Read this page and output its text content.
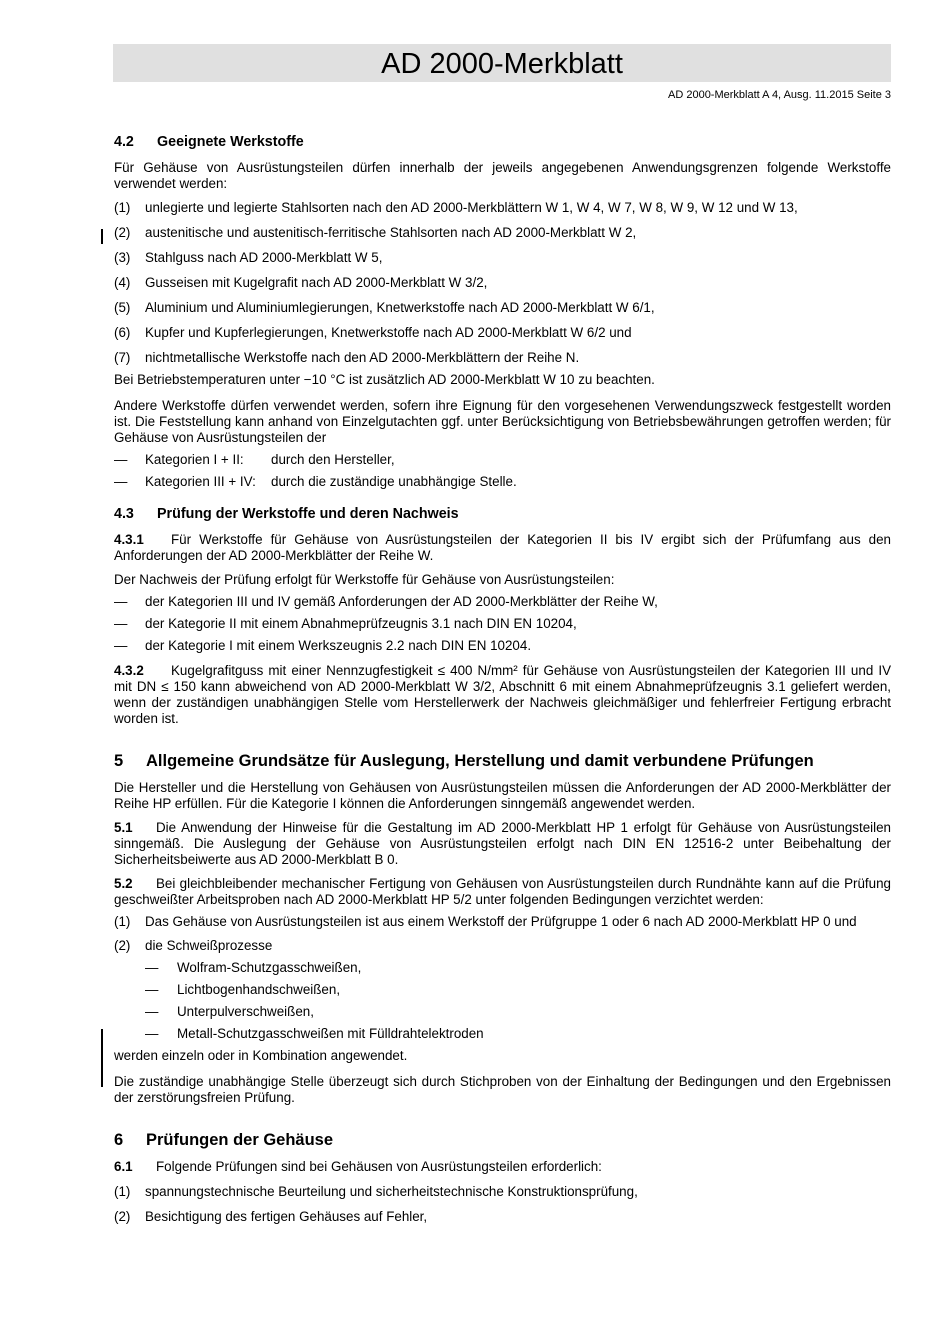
AD 2000-Merkblatt
AD 2000-Merkblatt A 4, Ausg. 11.2015 Seite 3
4.2 Geeignete Werkstoffe

Für Gehäuse von Ausrüstungsteilen dürfen innerhalb der jeweils angegebenen Anwendungsgrenzen folgende Werkstoffe verwendet werden:

(1) unlegierte und legierte Stahlsorten nach den AD 2000-Merkblättern W 1, W 4, W 7, W 8, W 9, W 12 und W 13,
(2) austenitische und austenitisch-ferritische Stahlsorten nach AD 2000-Merkblatt W 2,
(3) Stahlguss nach AD 2000-Merkblatt W 5,
(4) Gusseisen mit Kugelgrafit nach AD 2000-Merkblatt W 3/2,
(5) Aluminium und Aluminiumlegierungen, Knetwerkstoffe nach AD 2000-Merkblatt W 6/1,
(6) Kupfer und Kupferlegierungen, Knetwerkstoffe nach AD 2000-Merkblatt W 6/2 und
(7) nichtmetallische Werkstoffe nach den AD 2000-Merkblättern der Reihe N.

Bei Betriebstemperaturen unter −10 °C ist zusätzlich AD 2000-Merkblatt W 10 zu beachten.

Andere Werkstoffe dürfen verwendet werden, sofern ihre Eignung für den vorgesehenen Verwendungszweck festgestellt worden ist. Die Feststellung kann anhand von Einzelgutachten ggf. unter Berücksichtigung von Betriebsbewährungen getroffen werden; für Gehäuse von Ausrüstungsteilen der

— Kategorien I + II: durch den Hersteller,
— Kategorien III + IV: durch die zuständige unabhängige Stelle.
4.3 Prüfung der Werkstoffe und deren Nachweis

4.3.1 Für Werkstoffe für Gehäuse von Ausrüstungsteilen der Kategorien II bis IV ergibt sich der Prüfumfang aus den Anforderungen der AD 2000-Merkblätter der Reihe W.

Der Nachweis der Prüfung erfolgt für Werkstoffe für Gehäuse von Ausrüstungsteilen:

— der Kategorien III und IV gemäß Anforderungen der AD 2000-Merkblätter der Reihe W,
— der Kategorie II mit einem Abnahmeprüfzeugnis 3.1 nach DIN EN 10204,
— der Kategorie I mit einem Werkszeugnis 2.2 nach DIN EN 10204.

4.3.2 Kugelgrafitguss mit einer Nennzugfestigkeit ≤ 400 N/mm² für Gehäuse von Ausrüstungsteilen der Kategorien III und IV mit DN ≤ 150 kann abweichend von AD 2000-Merkblatt W 3/2, Abschnitt 6 mit einem Abnahmeprüfzeugnis 3.1 geliefert werden, wenn der zuständigen unabhängigen Stelle vom Herstellerwerk der Nachweis gleichmäßiger und fehlerfreier Fertigung erbracht worden ist.

5 Allgemeine Grundsätze für Auslegung, Herstellung und damit verbundene Prüfungen

Die Hersteller und die Herstellung von Gehäusen von Ausrüstungsteilen müssen die Anforderungen der AD 2000-Merkblätter der Reihe HP erfüllen. Für die Kategorie I können die Anforderungen sinngemäß angewendet werden.

5.1 Die Anwendung der Hinweise für die Gestaltung im AD 2000-Merkblatt HP 1 erfolgt für Gehäuse von Ausrüstungsteilen sinngemäß. Die Auslegung der Gehäuse von Ausrüstungsteilen erfolgt nach DIN EN 12516-2 unter Beibehaltung der Sicherheitsbeiwerte aus AD 2000-Merkblatt B 0.

5.2 Bei gleichbleibender mechanischer Fertigung von Gehäusen von Ausrüstungsteilen durch Rundnähte kann auf die Prüfung geschweißter Arbeitsproben nach AD 2000-Merkblatt HP 5/2 unter folgenden Bedingungen verzichtet werden:

(1) Das Gehäuse von Ausrüstungsteilen ist aus einem Werkstoff der Prüfgruppe 1 oder 6 nach AD 2000-Merkblatt HP 0 und
(2) die Schweißprozesse
— Wolfram-Schutzgasschweißen,
— Lichtbogenhandschweißen,
— Unterpulverschweißen,
— Metall-Schutzgasschweißen mit Fülldrahtelektroden

werden einzeln oder in Kombination angewendet.

Die zuständige unabhängige Stelle überzeugt sich durch Stichproben von der Einhaltung der Bedingungen und den Ergebnissen der zerstörungsfreien Prüfung.

6 Prüfungen der Gehäuse

6.1 Folgende Prüfungen sind bei Gehäusen von Ausrüstungsteilen erforderlich:

(1) spannungstechnische Beurteilung und sicherheitstechnische Konstruktionsprüfung,
(2) Besichtigung des fertigen Gehäuses auf Fehler,
